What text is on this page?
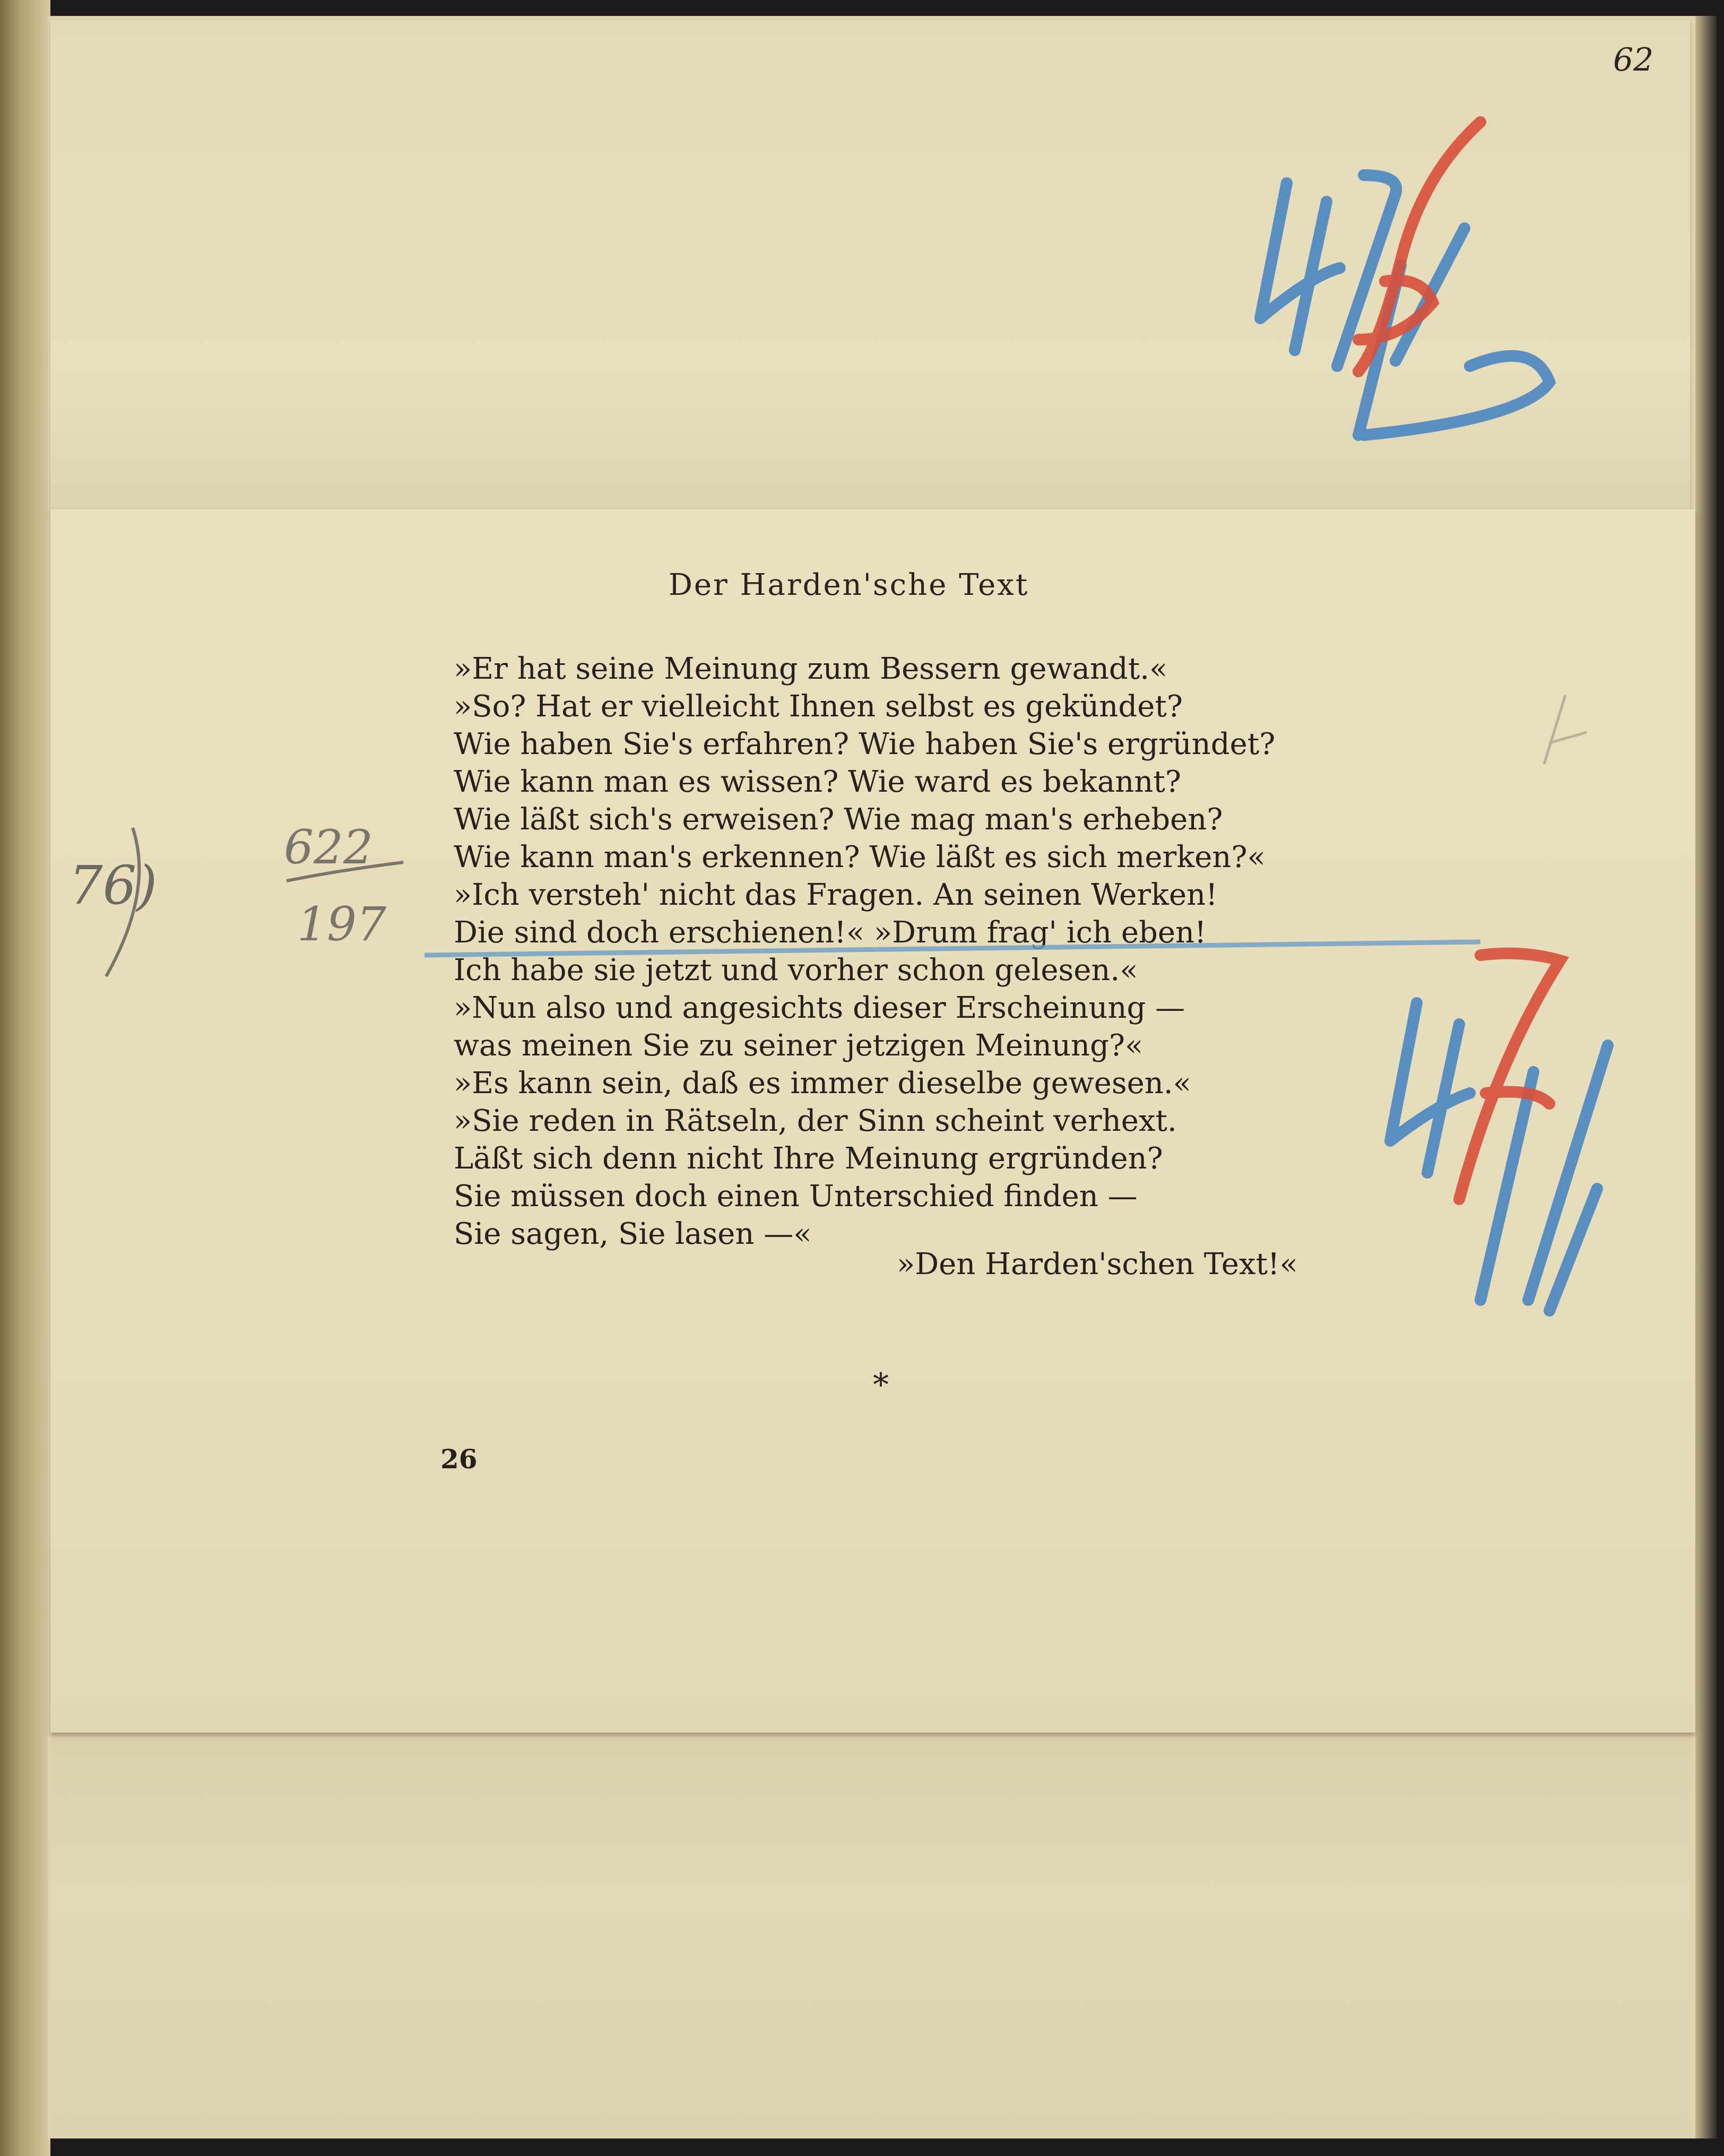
62
Der Harden'sche Text
»Er hat seine Meinung zum Bessern gewandt.«
»So? Hat er vielleicht Ihnen selbst es gekündet?
Wie haben Sie's erfahren? Wie haben Sie's ergründet?
Wie kann man es wissen? Wie ward es bekannt?
Wie läßt sich's erweisen? Wie mag man's erheben?
Wie kann man's erkennen? Wie läßt es sich merken?«
»Ich versteh' nicht das Fragen. An seinen Werken!
Die sind doch erschienen!« »Drum frag' ich eben!
Ich habe sie jetzt und vorher schon gelesen.«
»Nun also und angesichts dieser Erscheinung —
was meinen Sie zu seiner jetzigen Meinung?«
»Es kann sein, daß es immer dieselbe gewesen.«
»Sie reden in Rätseln, der Sinn scheint verhext.
Läßt sich denn nicht Ihre Meinung ergründen?
Sie müssen doch einen Unterschied finden —
Sie sagen, Sie lasen —«
»Den Harden'schen Text!«
*
26
76)
622
197
